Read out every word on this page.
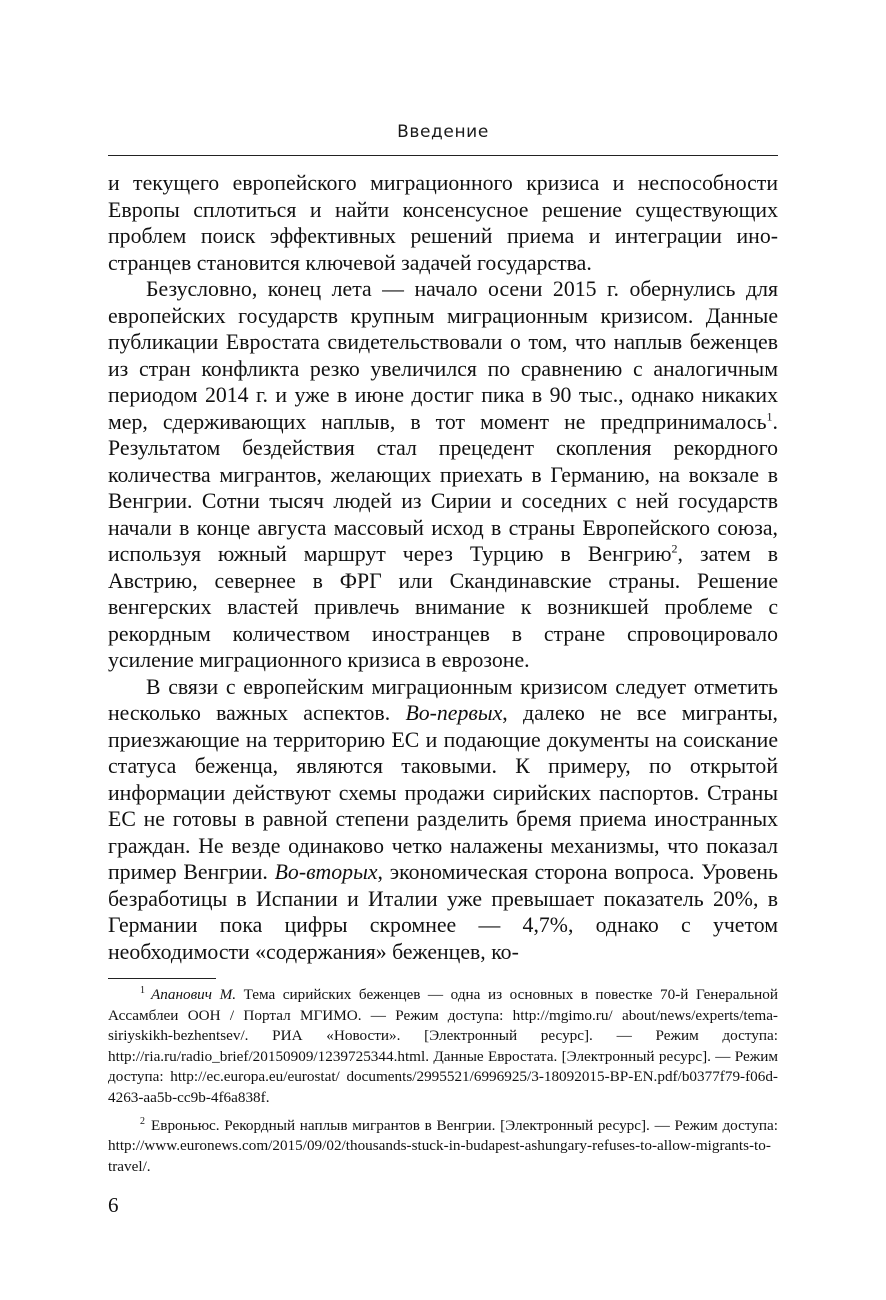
Введение

и текущего европейского миграционного кризиса и неспособности Европы сплотиться и найти консенсусное решение существующих проблем поиск эффективных решений приема и интеграции иностранцев становится ключевой задачей государства.

Безусловно, конец лета — начало осени 2015 г. обернулись для европейских государств крупным миграционным кризисом. Данные публикации Евростата свидетельствовали о том, что наплыв беженцев из стран конфликта резко увеличился по сравнению с аналогичным периодом 2014 г. и уже в июне достиг пика в 90 тыс., однако никаких мер, сдерживающих наплыв, в тот момент не предпринималось$^1$. Результатом бездействия стал прецедент скопления рекордного количества мигрантов, желающих приехать в Германию, на вокзале в Венгрии. Сотни тысяч людей из Сирии и соседних с ней государств начали в конце августа массовый исход в страны Европейского союза, используя южный маршрут через Турцию в Венгрию$^2$, затем в Австрию, севернее в ФРГ или Скандинавские страны. Решение венгерских властей привлечь внимание к возникшей проблеме с рекордным количеством иностранцев в стране спровоцировало усиление миграционного кризиса в еврозоне.

В связи с европейским миграционным кризисом следует отметить несколько важных аспектов. Во-первых, далеко не все мигранты, приезжающие на территорию ЕС и подающие документы на соискание статуса беженца, являются таковыми. К примеру, по открытой информации действуют схемы продажи сирийских паспортов. Страны ЕС не готовы в равной степени разделить бремя приема иностранных граждан. Не везде одинаково четко налажены механизмы, что показал пример Венгрии. Во-вторых, экономическая сторона вопроса. Уровень безработицы в Испании и Италии уже превышает показатель 20%, в Германии пока цифры скромнее — 4,7%, однако с учетом необходимости «содержания» беженцев, ко-

$^1$ Апанович М. Тема сирийских беженцев — одна из основных в повестке 70-й Генеральной Ассамблеи ООН / Портал МГИМО. — Режим доступа: http://mgimo.ru/ about/news/experts/tema-siriyskikh-bezhentsev/. РИА «Новости». [Электронный ресурс]. — Режим доступа: http://ria.ru/radio_brief/20150909/1239725344.html. Данные Евростата. [Электронный ресурс]. — Режим доступа: http://ec.europa.eu/eurostat/ documents/2995521/6996925/3-18092015-BP-EN.pdf/b0377f79-f06d-4263-aa5b-cc9b-4f6a838f.

$^2$ Евроньюс. Рекордный наплыв мигрантов в Венгрии. [Электронный ресурс]. — Режим доступа: http://www.euronews.com/2015/09/02/thousands-stuck-in-budapest-ashungary-refuses-to-allow-migrants-to-travel/.

6
